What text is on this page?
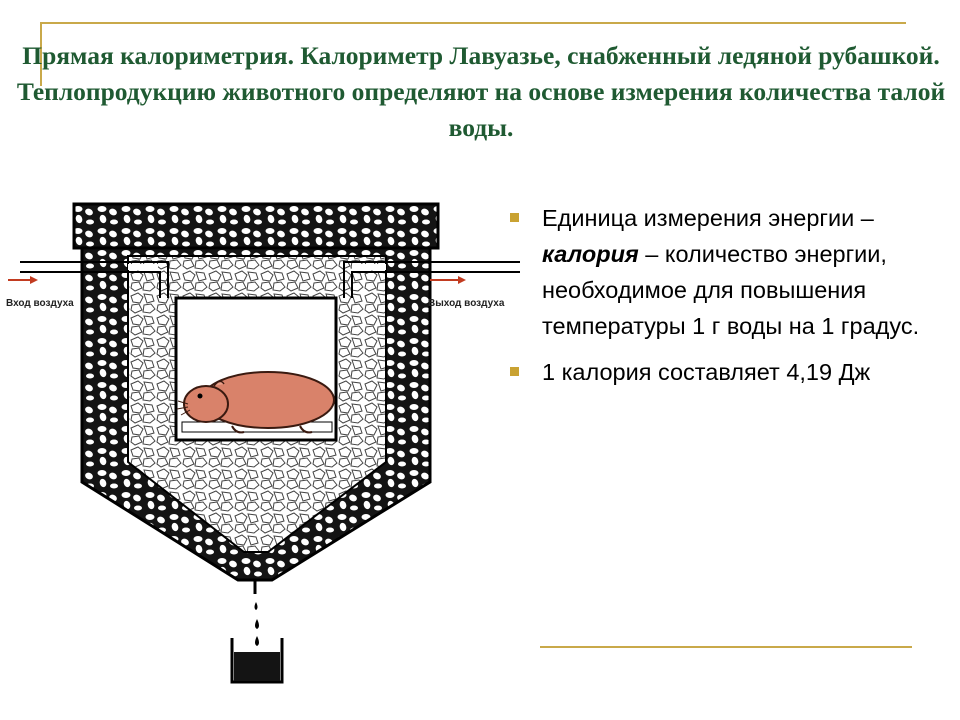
Прямая калориметрия. Калориметр Лавуазье, снабженный ледяной рубашкой. Теплопродукцию животного определяют на основе измерения количества талой воды.
Вход воздуха	Выход воздуха
Единица измерения энергии – калория – количество энергии, необходимое для повышения температуры 1 г воды на 1 градус.
1 калория составляет 4,19 Дж
